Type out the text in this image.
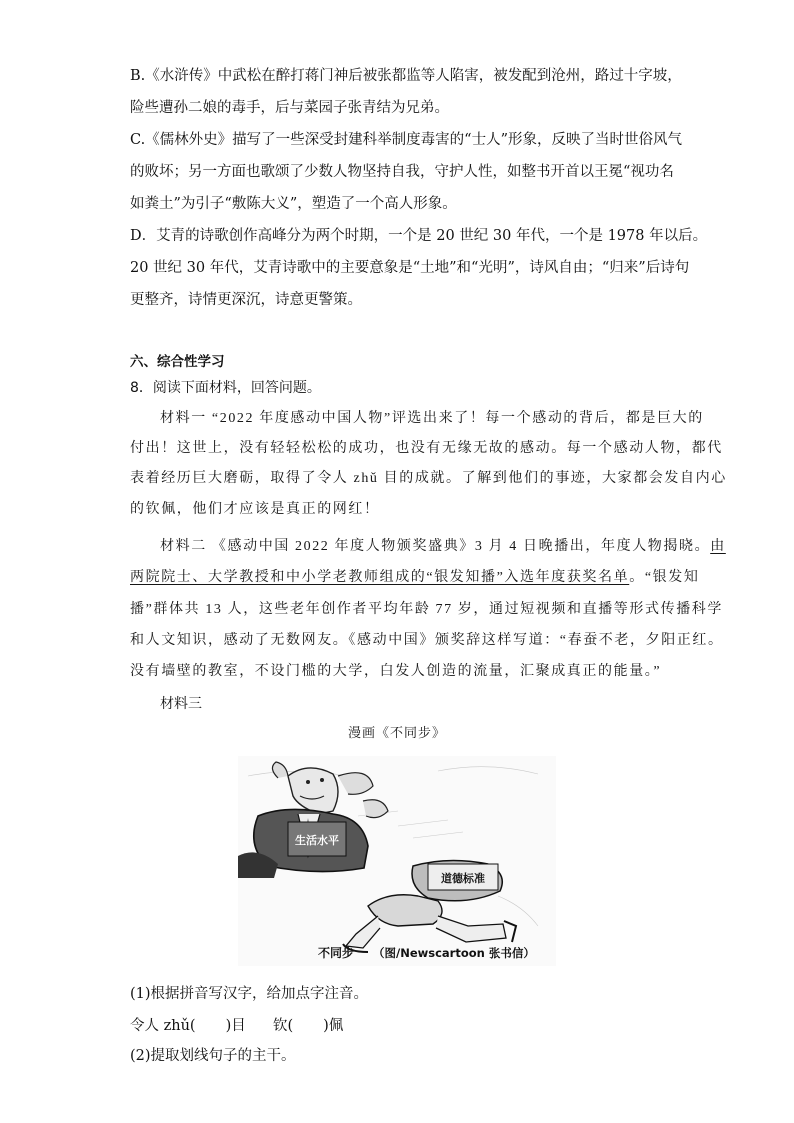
B.《水浒传》中武松在醉打蒋门神后被张都监等人陷害，被发配到沧州，路过十字坡，
险些遭孙二娘的毒手，后与菜园子张青结为兄弟。
C.《儒林外史》描写了一些深受封建科举制度毒害的“士人”形象，反映了当时世俗风气
的败坏；另一方面也歌颂了少数人物坚持自我，守护人性，如整书开首以王冕“视功名
如粪土”为引子“敷陈大义”，塑造了一个高人形象。
D．艾青的诗歌创作高峰分为两个时期，一个是 20 世纪 30 年代，一个是 1978 年以后。
20 世纪 30 年代，艾青诗歌中的主要意象是“土地”和“光明”，诗风自由；“归来”后诗句
更整齐，诗情更深沉，诗意更警策。
六、综合性学习
8．阅读下面材料，回答问题。
材料一 “2022 年度感动中国人物”评选出来了！每一个感动的背后，都是巨大的
付出！这世上，没有轻轻松松的成功，也没有无缘无故的感动。每一个感动人物，都代
表着经历巨大磨砺，取得了令人 zhǔ 目的成就。了解到他们的事迹，大家都会发自内心
的钦佩，他们才应该是真正的网红！
材料二 《感动中国 2022 年度人物颁奖盛典》3 月 4 日晚播出，年度人物揭晓。由
两院院士、大学教授和中小学老教师组成的“银发知播”入选年度获奖名单。“银发知
播”群体共 13 人，这些老年创作者平均年龄 77 岁，通过短视频和直播等形式传播科学
和人文知识，感动了无数网友。《感动中国》颁奖辞这样写道：“春蚕不老，夕阳正红。
没有墙壁的教室，不设门槛的大学，白发人创造的流量，汇聚成真正的能量。”
材料三
漫画《不同步》
生活水平
道德标准
不同步 （图/Newscartoon 张书信）
(1)根据拼音写汉字，给加点字注音。
令人 zhǔ( )目 钦( )佩
(2)提取划线句子的主干。
